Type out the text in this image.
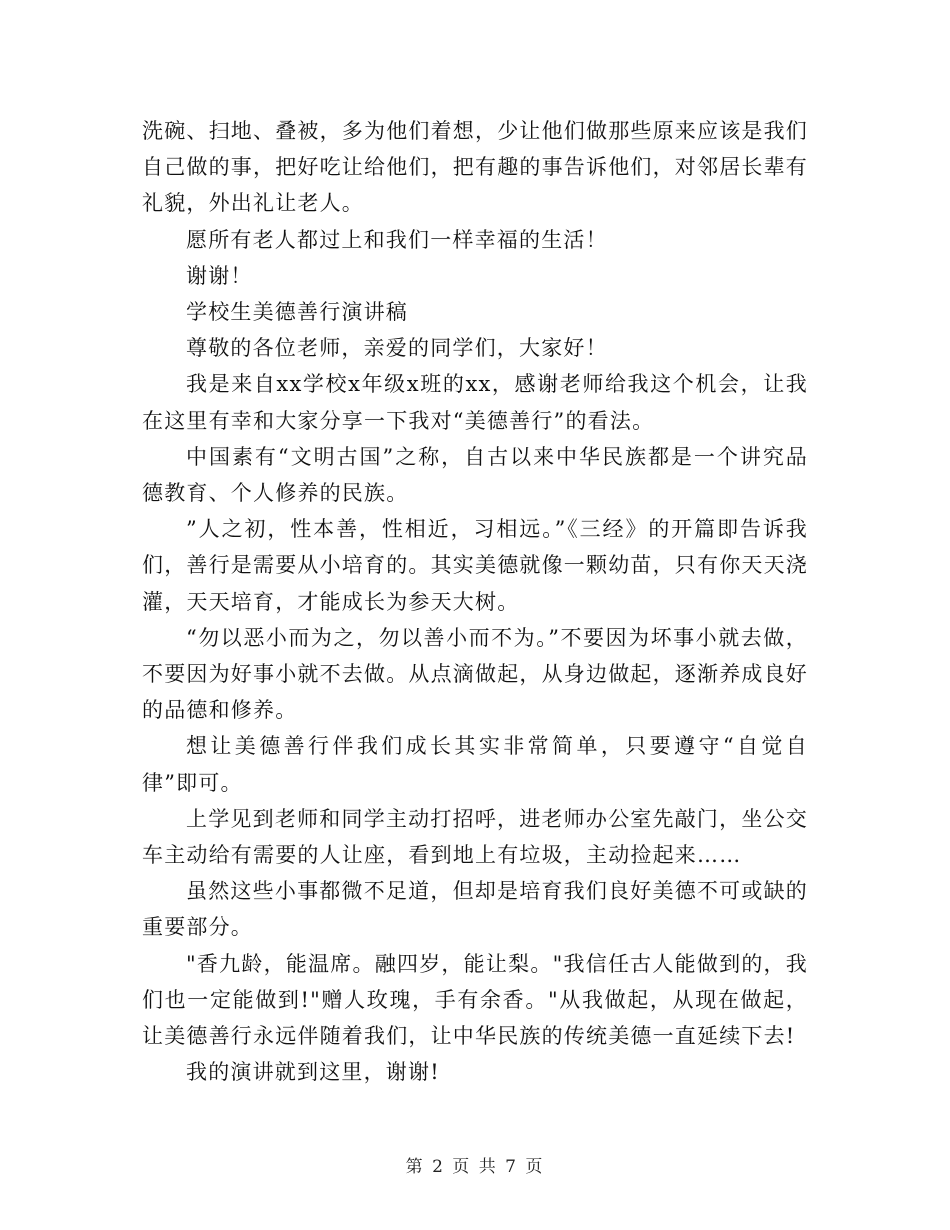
洗碗、扫地、叠被，多为他们着想，少让他们做那些原来应该是我们自己做的事，把好吃让给他们，把有趣的事告诉他们，对邻居长辈有礼貌，外出礼让老人。

愿所有老人都过上和我们一样幸福的生活！

谢谢！

学校生美德善行演讲稿

尊敬的各位老师，亲爱的同学们，大家好！

我是来自xx学校x年级x班的xx，感谢老师给我这个机会，让我在这里有幸和大家分享一下我对“美德善行”的看法。

中国素有“文明古国”之称，自古以来中华民族都是一个讲究品德教育、个人修养的民族。

”人之初，性本善，性相近，习相远。”《三经》的开篇即告诉我们，善行是需要从小培育的。其实美德就像一颗幼苗，只有你天天浇灌，天天培育，才能成长为参天大树。

“勿以恶小而为之，勿以善小而不为。”不要因为坏事小就去做，不要因为好事小就不去做。从点滴做起，从身边做起，逐渐养成良好的品德和修养。

想让美德善行伴我们成长其实非常简单，只要遵守“自觉自律”即可。

上学见到老师和同学主动打招呼，进老师办公室先敲门，坐公交车主动给有需要的人让座，看到地上有垃圾，主动捡起来……

虽然这些小事都微不足道，但却是培育我们良好美德不可或缺的重要部分。

"香九龄，能温席。融四岁，能让梨。"我信任古人能做到的，我们也一定能做到!"赠人玫瑰，手有余香。"从我做起，从现在做起，让美德善行永远伴随着我们，让中华民族的传统美德一直延续下去!

我的演讲就到这里，谢谢!

第 2 页 共 7 页
